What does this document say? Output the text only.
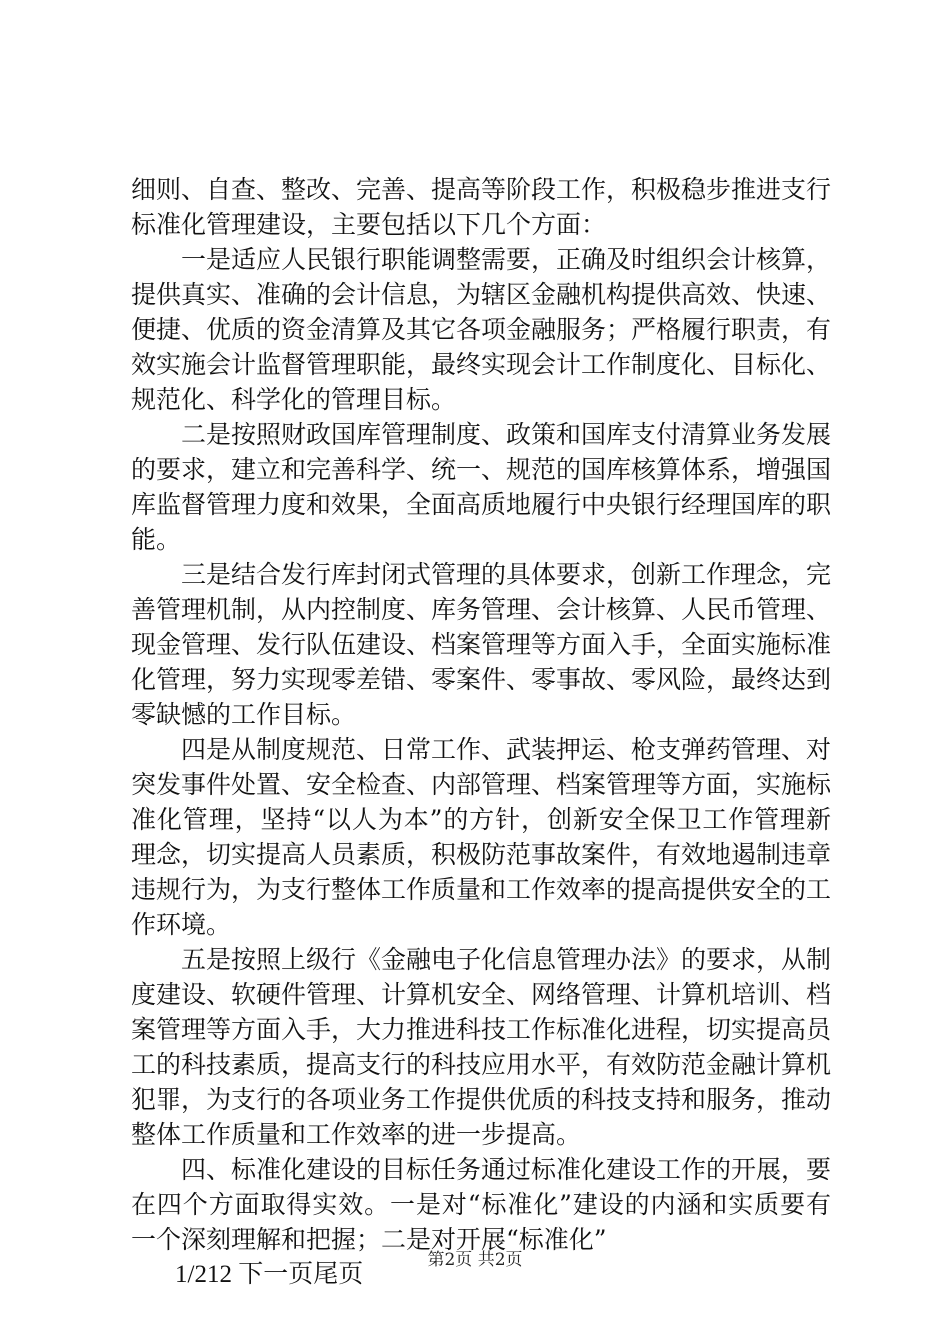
细则、自查、整改、完善、提高等阶段工作，积极稳步推进支行标准化管理建设，主要包括以下几个方面：

一是适应人民银行职能调整需要，正确及时组织会计核算，提供真实、准确的会计信息，为辖区金融机构提供高效、快速、便捷、优质的资金清算及其它各项金融服务；严格履行职责，有效实施会计监督管理职能，最终实现会计工作制度化、目标化、规范化、科学化的管理目标。

二是按照财政国库管理制度、政策和国库支付清算业务发展的要求，建立和完善科学、统一、规范的国库核算体系，增强国库监督管理力度和效果，全面高质地履行中央银行经理国库的职能。

三是结合发行库封闭式管理的具体要求，创新工作理念，完善管理机制，从内控制度、库务管理、会计核算、人民币管理、现金管理、发行队伍建设、档案管理等方面入手，全面实施标准化管理，努力实现零差错、零案件、零事故、零风险，最终达到零缺憾的工作目标。

四是从制度规范、日常工作、武装押运、枪支弹药管理、对突发事件处置、安全检查、内部管理、档案管理等方面，实施标准化管理，坚持“以人为本”的方针，创新安全保卫工作管理新理念，切实提高人员素质，积极防范事故案件，有效地遏制违章违规行为，为支行整体工作质量和工作效率的提高提供安全的工作环境。

五是按照上级行《金融电子化信息管理办法》的要求，从制度建设、软硬件管理、计算机安全、网络管理、计算机培训、档案管理等方面入手，大力推进科技工作标准化进程，切实提高员工的科技素质，提高支行的科技应用水平，有效防范金融计算机犯罪，为支行的各项业务工作提供优质的科技支持和服务，推动整体工作质量和工作效率的进一步提高。

四、标准化建设的目标任务通过标准化建设工作的开展，要在四个方面取得实效。一是对“标准化”建设的内涵和实质要有一个深刻理解和把握；二是对开展“标准化”

1/212 下一页尾页

第2页 共2页
